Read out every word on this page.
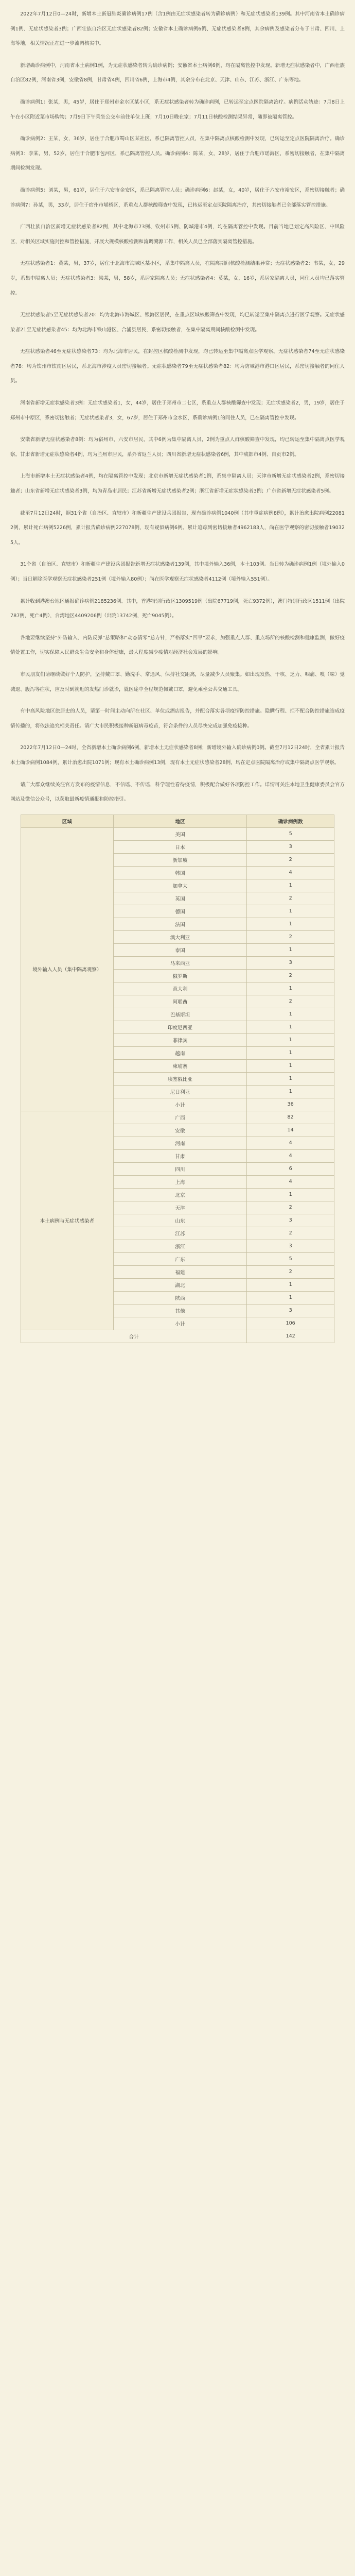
2022年7月12日0—24时，新增本土新冠肺炎确诊病例17例（含1例由无症状感染者转为确诊病例）和无症状感染者139例。其中河南省本土确诊病例1例、无症状感染者3例；广西壮族自治区无症状感染者82例；安徽省本土确诊病例6例、无症状感染者8例，其余病例及感染者分布于甘肃、四川、上海等地，相关情况正在进一步流调核实中。

新增确诊病例中，河南省本土病例1例，为无症状感染者转为确诊病例；安徽省本土病例6例，均在隔离管控中发现。新增无症状感染者中，广西壮族自治区82例，河南省3例，安徽省8例，甘肃省4例，四川省6例，上海市4例，其余分布在北京、天津、山东、江苏、浙江、广东等地。

确诊病例1：张某，男，45岁，居住于郑州市金水区某小区，系无症状感染者转为确诊病例，已转运至定点医院隔离治疗。病例活动轨迹：7月8日上午在小区附近菜市场购物；7月9日下午乘坐公交车前往单位上班；7月10日晚在家；7月11日核酸检测结果异常，随即被隔离管控。

确诊病例2：王某，女，36岁，居住于合肥市蜀山区某社区，系已隔离管控人员，在集中隔离点核酸检测中发现，已转运至定点医院隔离治疗。确诊病例3：李某，男，52岁，居住于合肥市包河区，系已隔离管控人员。确诊病例4：陈某，女，28岁，居住于合肥市瑶海区，系密切接触者，在集中隔离期间检测发现。

确诊病例5：刘某，男，61岁，居住于六安市金安区，系已隔离管控人员；确诊病例6：赵某，女，40岁，居住于六安市裕安区，系密切接触者；确诊病例7：孙某，男，33岁，居住于宿州市埇桥区，系重点人群核酸筛查中发现，已转运至定点医院隔离治疗，其密切接触者已全部落实管控措施。

广西壮族自治区新增无症状感染者82例，其中北海市73例、钦州市5例、防城港市4例，均在隔离管控中发现。目前当地已划定高风险区、中风险区，对相关区域实施封控和管控措施，开展大规模核酸检测和流调溯源工作，相关人员已全部落实隔离管控措施。

无症状感染者1：黄某，男，37岁，居住于北海市海城区某小区，系集中隔离人员，在隔离期间核酸检测结果异常；无症状感染者2：韦某，女，29岁，系集中隔离人员；无症状感染者3：梁某，男，58岁，系居家隔离人员；无症状感染者4：莫某，女，16岁，系居家隔离人员，同住人员均已落实管控。

无症状感染者5至无症状感染者20：均为北海市海城区、银海区居民，在重点区域核酸筛查中发现，均已转运至集中隔离点进行医学观察。无症状感染者21至无症状感染者45：均为北海市铁山港区、合浦县居民，系密切接触者，在集中隔离期间核酸检测中发现。

无症状感染者46至无症状感染者73：均为北海市居民，在封控区核酸检测中发现，均已转运至集中隔离点医学观察。无症状感染者74至无症状感染者78：均为钦州市钦南区居民，系北海市涉疫人员密切接触者。无症状感染者79至无症状感染者82：均为防城港市港口区居民，系密切接触者的同住人员。

河南省新增无症状感染者3例：无症状感染者1，女，44岁，居住于郑州市二七区，系重点人群核酸筛查中发现；无症状感染者2，男，19岁，居住于郑州市中原区，系密切接触者；无症状感染者3，女，67岁，居住于郑州市金水区，系确诊病例1的同住人员，已在隔离管控中发现。

安徽省新增无症状感染者8例：均为宿州市、六安市居民，其中6例为集中隔离人员，2例为重点人群核酸筛查中发现，均已转运至集中隔离点医学观察。甘肃省新增无症状感染者4例，均为兰州市居民，系外省返兰人员；四川省新增无症状感染者6例，其中成都市4例、自贡市2例。

上海市新增本土无症状感染者4例，均在隔离管控中发现；北京市新增无症状感染者1例，系集中隔离人员；天津市新增无症状感染者2例，系密切接触者；山东省新增无症状感染者3例，均为青岛市居民；江苏省新增无症状感染者2例；浙江省新增无症状感染者3例；广东省新增无症状感染者5例。

截至7月12日24时，据31个省（自治区、直辖市）和新疆生产建设兵团报告，现有确诊病例1040例（其中重症病例8例），累计治愈出院病例220812例，累计死亡病例5226例，累计报告确诊病例227078例，现有疑似病例6例。累计追踪到密切接触者4962183人，尚在医学观察的密切接触者190325人。

31个省（自治区、直辖市）和新疆生产建设兵团报告新增无症状感染者139例，其中境外输入36例，本土103例。当日转为确诊病例1例（境外输入0例）；当日解除医学观察无症状感染者251例（境外输入80例）；尚在医学观察无症状感染者4112例（境外输入551例）。

累计收到港澳台地区通报确诊病例2185236例。其中，香港特别行政区1309519例（出院67719例，死亡9372例），澳门特别行政区1511例（出院787例，死亡4例），台湾地区4409206例（出院13742例，死亡9045例）。

各地要继续坚持“外防输入、内防反弹”总策略和“动态清零”总方针，严格落实“四早”要求，加强重点人群、重点场所的核酸检测和健康监测，做好疫情处置工作，切实保障人民群众生命安全和身体健康，最大程度减少疫情对经济社会发展的影响。

市民朋友们请继续做好个人防护，坚持戴口罩、勤洗手、常通风、保持社交距离，尽量减少人员聚集。如出现发热、干咳、乏力、咽痛、嗅（味）觉减退、腹泻等症状，应及时到就近的发热门诊就诊，就医途中全程规范佩戴口罩，避免乘坐公共交通工具。

有中高风险地区旅居史的人员，请第一时间主动向所在社区、单位或酒店报告，并配合落实各项疫情防控措施。隐瞒行程、拒不配合防控措施造成疫情传播的，将依法追究相关责任。请广大市民积极接种新冠病毒疫苗，符合条件的人员尽快完成加强免疫接种。

2022年7月12日0—24时，全省新增本土确诊病例6例，新增本土无症状感染者8例；新增境外输入确诊病例0例。截至7月12日24时，全省累计报告本土确诊病例1084例，累计治愈出院1071例；现有本土确诊病例13例，现有本土无症状感染者28例，均在定点医院隔离治疗或集中隔离点医学观察。

请广大群众继续关注官方发布的疫情信息，不信谣、不传谣，科学理性看待疫情，积极配合做好各项防控工作。详情可关注本地卫生健康委员会官方网站及微信公众号，以获取最新疫情通报和防控指引。

区域	地区	确诊病例数
境外输入人员（集中隔离观察）	美国	5
	日本	3
	新加坡	2
	韩国	4
	加拿大	1
	英国	2
	德国	1
	法国	1
	澳大利亚	2
	泰国	1
	马来西亚	3
	俄罗斯	2
	意大利	1
	阿联酋	2
	巴基斯坦	1
	印度尼西亚	1
	菲律宾	1
	越南	1
	柬埔寨	1
	埃塞俄比亚	1
	尼日利亚	1
	小计	36
本土病例与无症状感染者	广西	82
	安徽	14
	河南	4
	甘肃	4
	四川	6
	上海	4
	北京	1
	天津	2
	山东	3
	江苏	2
	浙江	3
	广东	5
	福建	2
	湖北	1
	陕西	1
	其他	3
	小计	106
合计		142
